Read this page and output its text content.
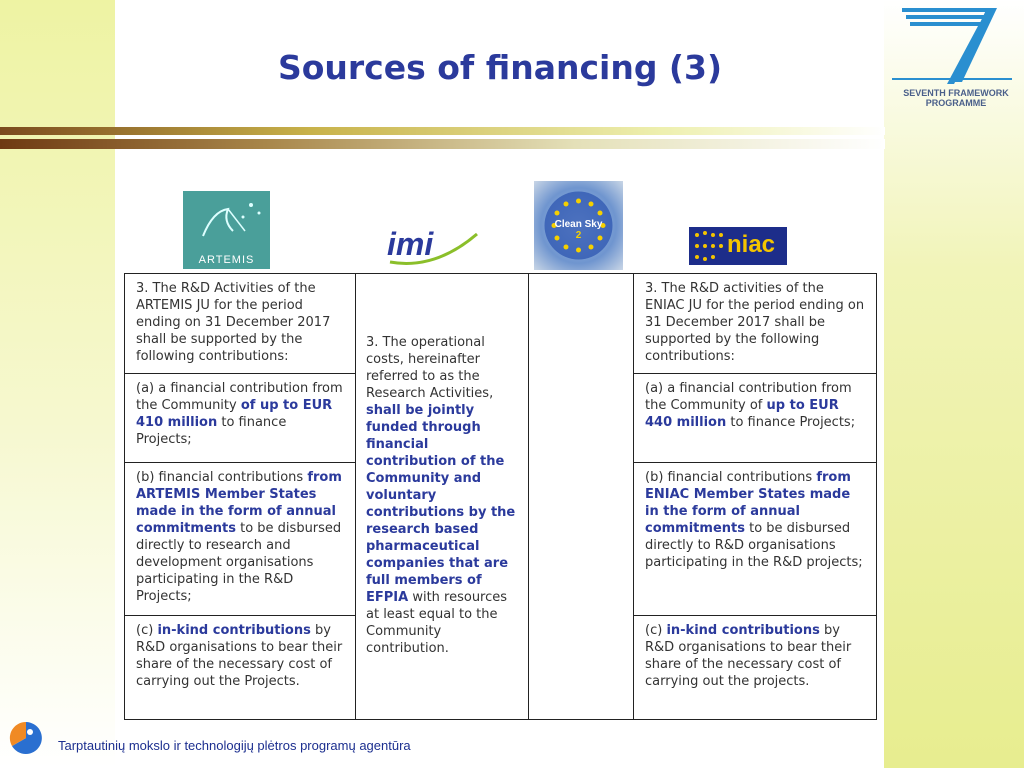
Sources of financing (3)
SEVENTH FRAMEWORK
PROGRAMME
ARTEMIS	imi
Clean Sky
2	niac
3. The R&D Activities of the ARTEMIS JU for the period ending on 31 December 2017 shall be supported by the following contributions:	3. The operational costs, hereinafter referred to as the Research Activities, shall be jointly funded through financial contribution of the Community and voluntary contributions by the research based pharmaceutical companies that are full members of EFPIA with resources at least equal to the Community contribution.		3. The R&D activities of the ENIAC JU for the period ending on 31 December 2017 shall be supported by the following contributions:
(a) a financial contribution from the Community of up to EUR 410 million to finance Projects;			(a) a financial contribution from the Community of up to EUR 440 million to finance Projects;
(b) financial contributions from ARTEMIS Member States made in the form of annual commitments to be disbursed directly to research and development organisations participating in the R&D Projects;			(b) financial contributions from ENIAC Member States made in the form of annual commitments to be disbursed directly to R&D organisations participating in the R&D projects;
(c) in-kind contributions by R&D organisations to bear their share of the necessary cost of carrying out the Projects.			(c) in-kind contributions by R&D organisations to bear their share of the necessary cost of carrying out the projects.
Tarptautinių mokslo ir technologijų plėtros programų agentūra
